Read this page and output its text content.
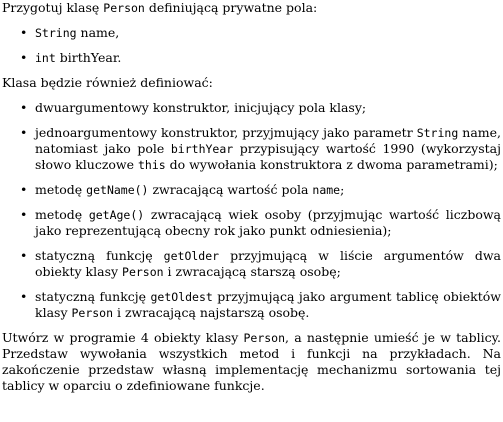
Przygotuj klasę Person definiującą prywatne pola:

• String name,
• int birthYear.

Klasa będzie również definiować:

• dwuargumentowy konstruktor, inicjujący pola klasy;
• jednoargumentowy konstruktor, przyjmujący jako parametr String name, natomiast jako pole birthYear przypisujący wartość 1990 (wykorzystaj słowo kluczowe this do wywołania konstruktora z dwoma parametrami);
• metodę getName() zwracającą wartość pola name;
• metodę getAge() zwracającą wiek osoby (przyjmując wartość liczbową jako reprezentującą obecny rok jako punkt odniesienia);
• statyczną funkcję getOlder przyjmującą w liście argumentów dwa obiekty klasy Person i zwracającą starszą osobę;
• statyczną funkcję getOldest przyjmującą jako argument tablicę obiektów klasy Person i zwracającą najstarszą osobę.

Utwórz w programie 4 obiekty klasy Person, a następnie umieść je w tablicy. Przedstaw wywołania wszystkich metod i funkcji na przykładach. Na zakończenie przedstaw własną implementację mechanizmu sortowania tej tablicy w oparciu o zdefiniowane funkcje.
